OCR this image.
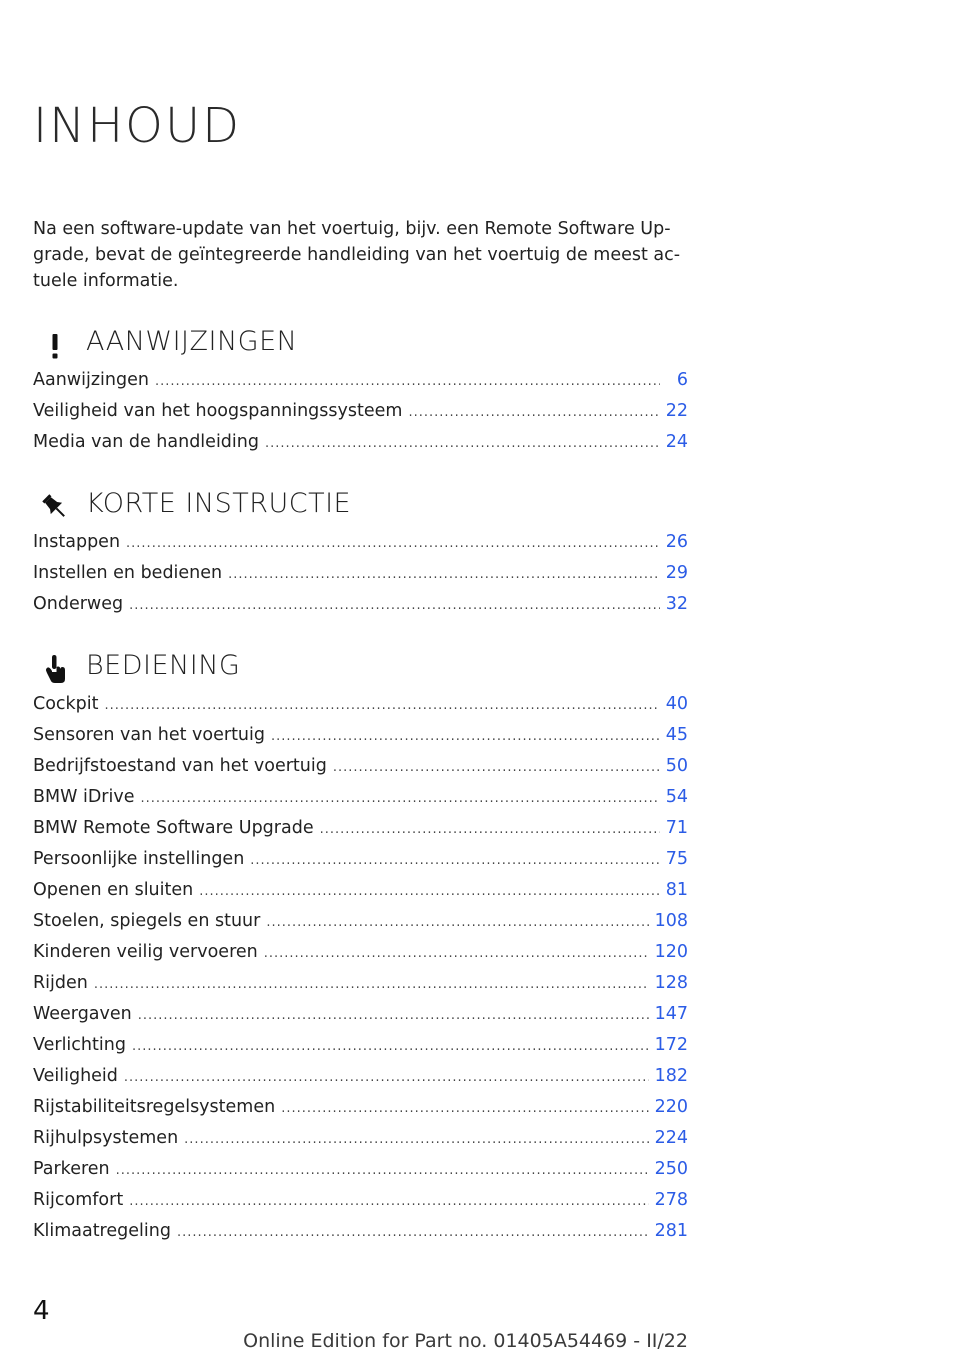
INHOUD
Na een software-update van het voertuig, bijv. een Remote Software Up‐
grade, bevat de geïntegreerde handleiding van het voertuig de meest ac‐
tuele informatie.
AANWIJZINGEN
Aanwijzingen .....	6
Veiligheid van het hoogspanningssysteem .....	22
Media van de handleiding .....	24
KORTE INSTRUCTIE
Instappen .....	26
Instellen en bedienen .....	29
Onderweg .....	32
BEDIENING
Cockpit .....	40
Sensoren van het voertuig .....	45
Bedrijfstoestand van het voertuig .....	50
BMW iDrive .....	54
BMW Remote Software Upgrade .....	71
Persoonlijke instellingen .....	75
Openen en sluiten .....	81
Stoelen, spiegels en stuur .....	108
Kinderen veilig vervoeren .....	120
Rijden .....	128
Weergaven .....	147
Verlichting .....	172
Veiligheid .....	182
Rijstabiliteitsregelsystemen .....	220
Rijhulpsystemen .....	224
Parkeren .....	250
Rijcomfort .....	278
Klimaatregeling .....	281
4
Online Edition for Part no. 01405A54469 - II/22
